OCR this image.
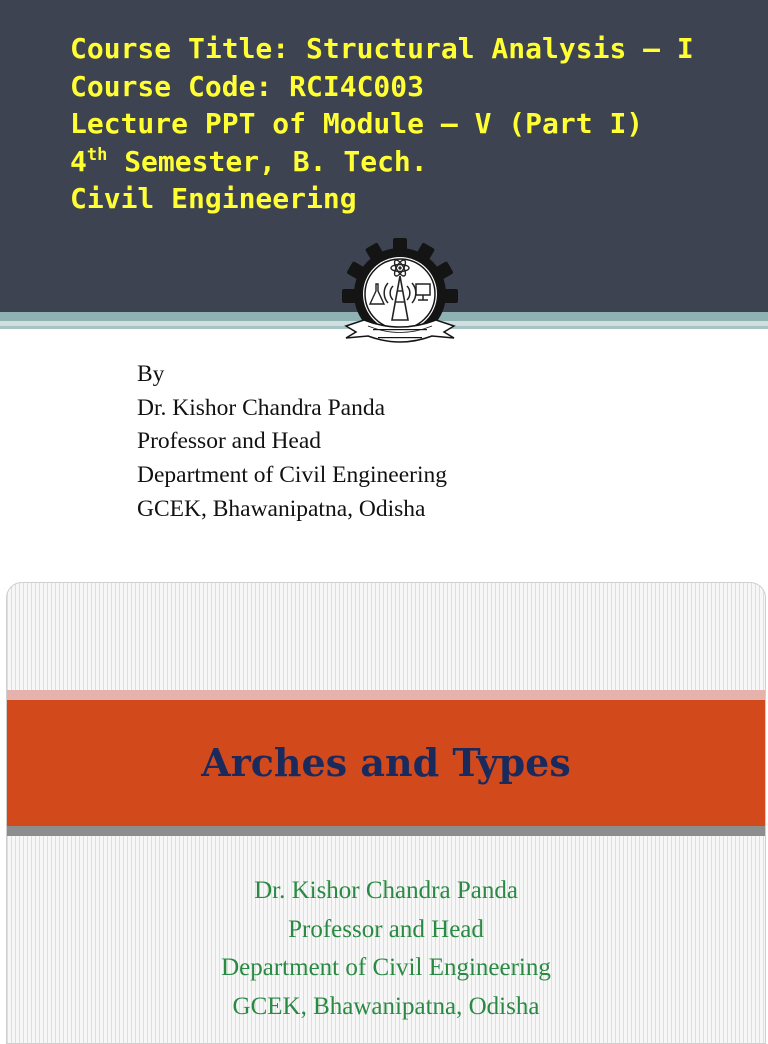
Course Title: Structural Analysis – I
Course Code: RCI4C003
Lecture PPT of Module – V (Part I)
4th Semester, B. Tech.
Civil Engineering
By
Dr. Kishor Chandra Panda
Professor and Head
Department of Civil Engineering
GCEK, Bhawanipatna, Odisha
Arches and Types
Dr. Kishor Chandra Panda
Professor and Head
Department of Civil Engineering
GCEK, Bhawanipatna, Odisha
